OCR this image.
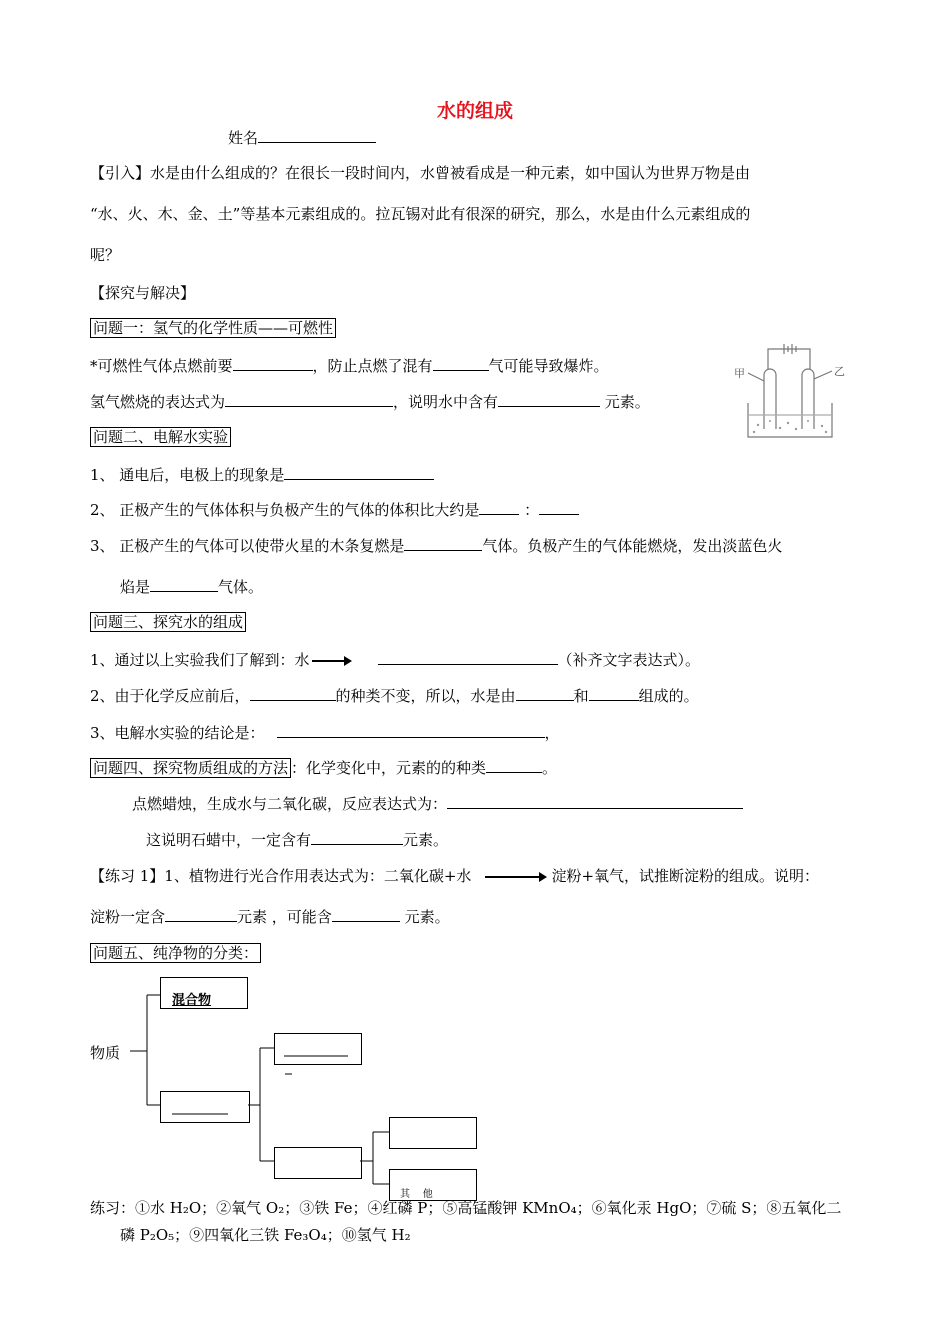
水的组成
姓名
【引入】水是由什么组成的？在很长一段时间内，水曾被看成是一种元素，如中国认为世界万物是由
“水、火、木、金、土”等基本元素组成的。拉瓦锡对此有很深的研究，那么，水是由什么元素组成的
呢？
【探究与解决】
问题一：氢气的化学性质——可燃性
*可燃性气体点燃前要	，防止点燃了混有	气可能导致爆炸。
氢气燃烧的表达式为	，说明水中含有	元素。
甲	乙
问题二、电解水实验
1、 通电后，电极上的现象是
2、 正极产生的气体体积与负极产生的气体的体积比大约是	：
3、 正极产生的气体可以使带火星的木条复燃是	气体。负极产生的气体能燃烧，发出淡蓝色火
焰是	气体。
问题三、探究水的组成
1、通过以上实验我们了解到：水	（补齐文字表达式）。
2、由于化学反应前后，	的种类不变，所以，水是由	和	组成的。
3、电解水实验的结论是：	，
问题四、探究物质组成的方法 ：化学变化中，元素的的种类	。
点燃蜡烛，生成水与二氧化碳，反应表达式为：
这说明石蜡中，一定含有	元素。
【练习 1】1、植物进行光合作用表达式为：二氧化碳+水	淀粉+氧气，试推断淀粉的组成。说明：
淀粉一定含	元素 ，可能含	元素。
问题五、纯净物的分类：
物质
混合物
其    他
练习：①水 H₂O；②氧气 O₂；③铁 Fe；④红磷 P；⑤高锰酸钾 KMnO₄；⑥氧化汞 HgO；⑦硫 S；⑧五氧化二
磷 P₂O₅；⑨四氧化三铁 Fe₃O₄；⑩氢气 H₂
